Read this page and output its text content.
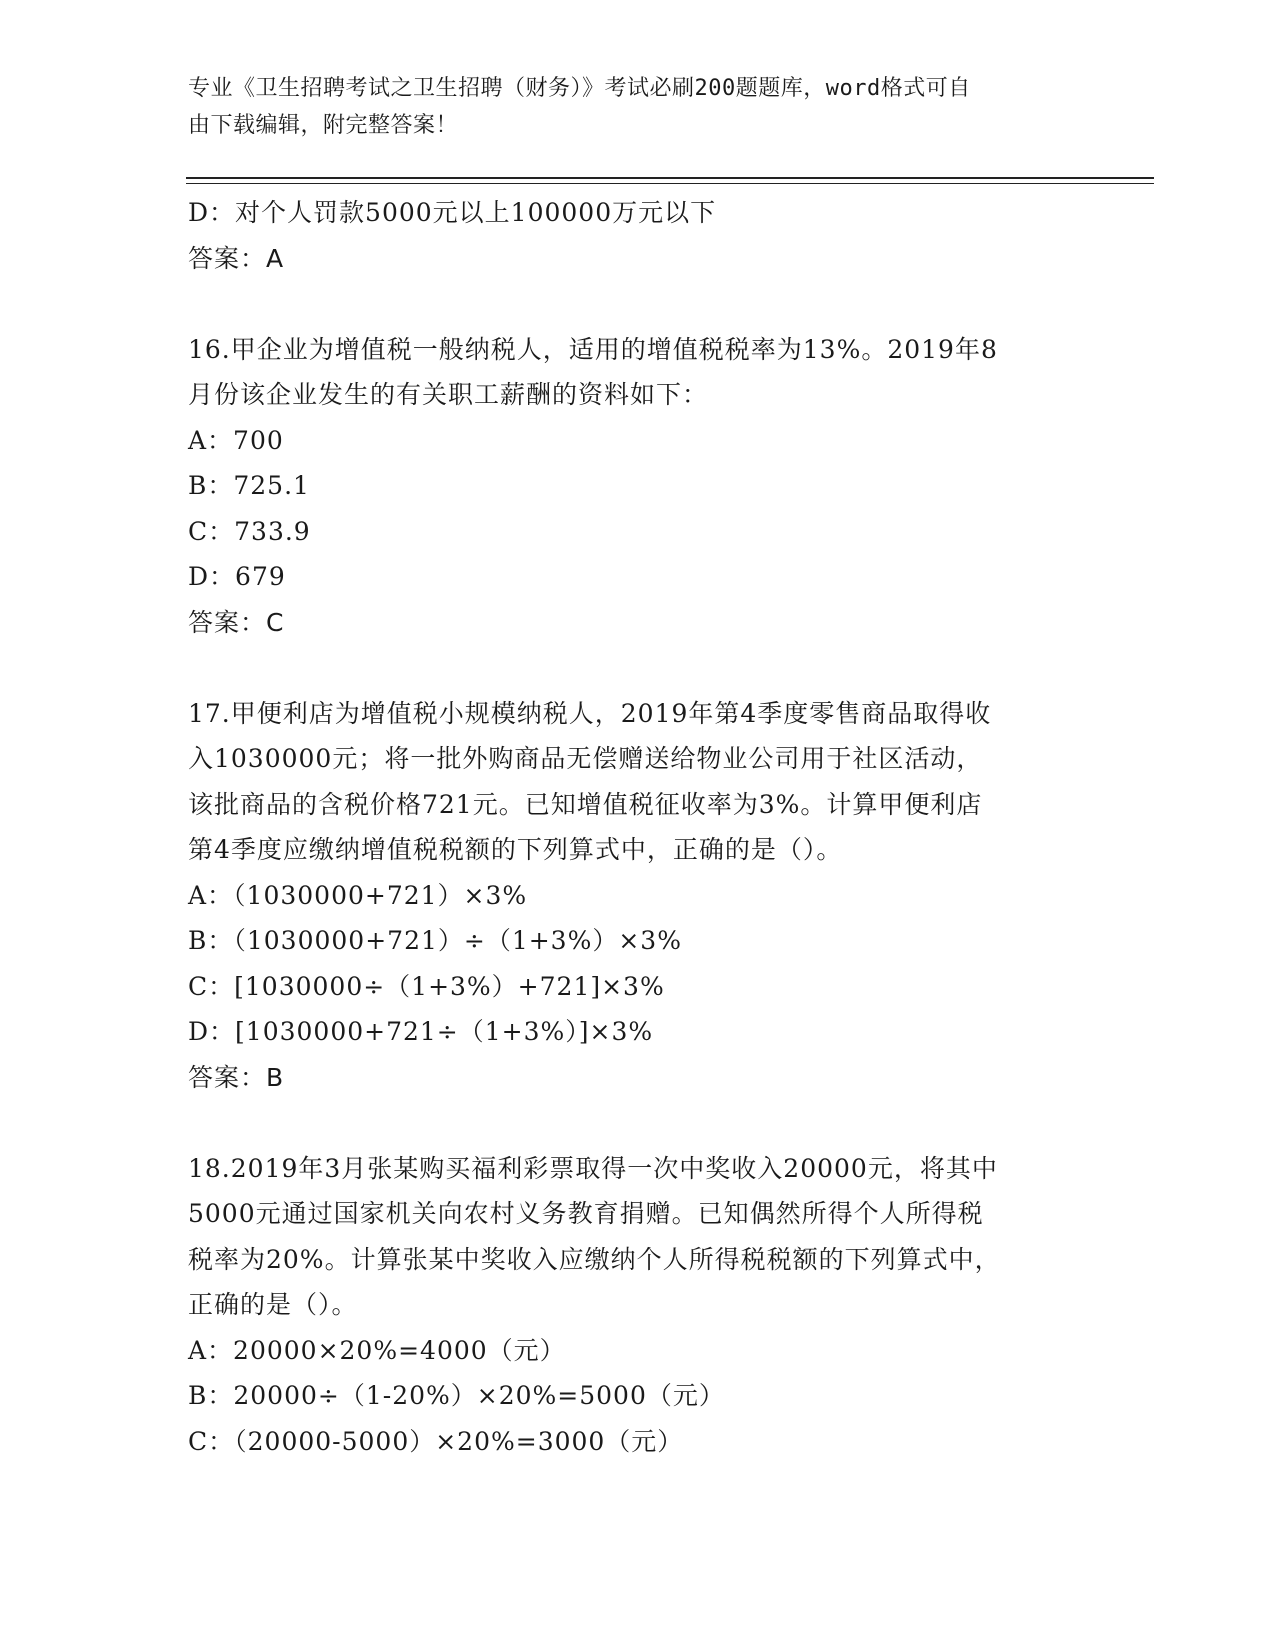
专业《卫生招聘考试之卫生招聘（财务）》考试必刷200题题库，word格式可自
由下载编辑，附完整答案！
D：对个人罚款5000元以上100000万元以下
答案：A
16.甲企业为增值税一般纳税人，适用的增值税税率为13%。2019年8
月份该企业发生的有关职工薪酬的资料如下：
A：700
B：725.1
C：733.9
D：679
答案：C
17.甲便利店为增值税小规模纳税人，2019年第4季度零售商品取得收
入1030000元；将一批外购商品无偿赠送给物业公司用于社区活动，
该批商品的含税价格721元。已知增值税征收率为3%。计算甲便利店
第4季度应缴纳增值税税额的下列算式中，正确的是（）。
A：（1030000+721）×3%
B：（1030000+721）÷（1+3%）×3%
C：[1030000÷（1+3%）+721]×3%
D：[1030000+721÷（1+3%）]×3%
答案：B
18.2019年3月张某购买福利彩票取得一次中奖收入20000元，将其中
5000元通过国家机关向农村义务教育捐赠。已知偶然所得个人所得税
税率为20%。计算张某中奖收入应缴纳个人所得税税额的下列算式中，
正确的是（）。
A：20000×20%=4000（元）
B：20000÷（1-20%）×20%=5000（元）
C：（20000-5000）×20%=3000（元）
